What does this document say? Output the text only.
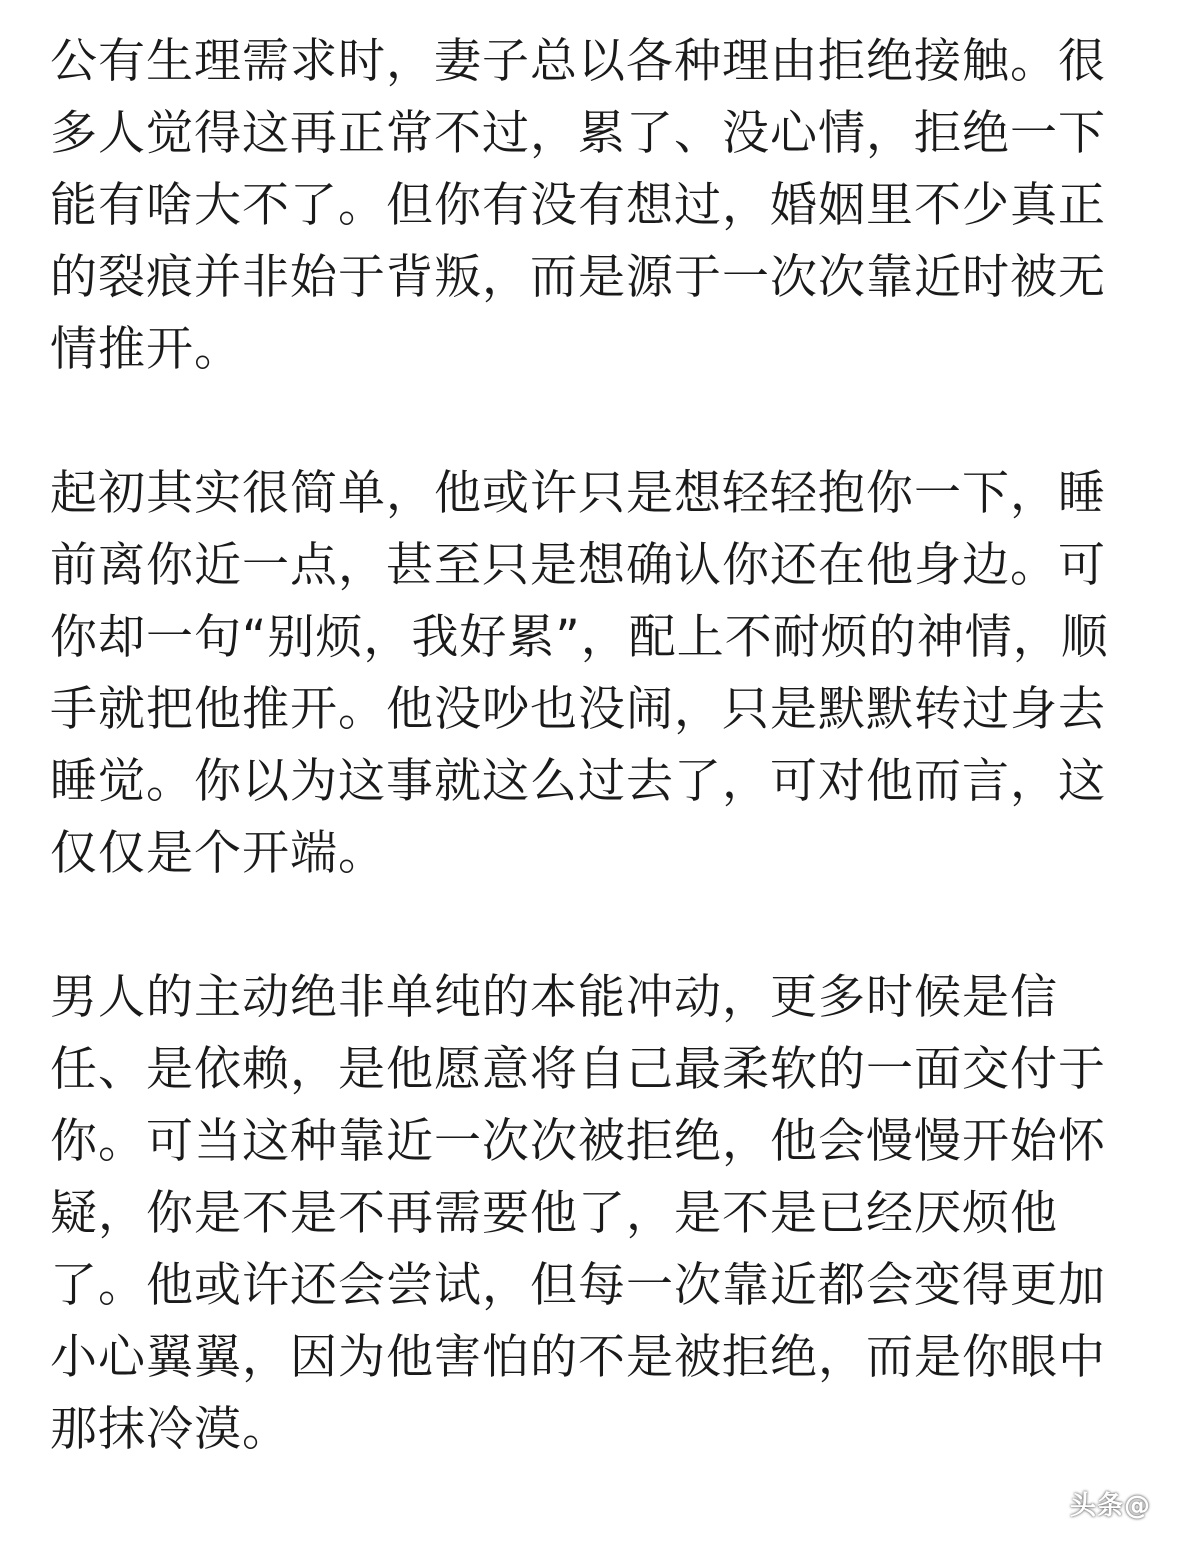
公有生理需求时，妻子总以各种理由拒绝接触。很
多人觉得这再正常不过，累了、没心情，拒绝一下
能有啥大不了。但你有没有想过，婚姻里不少真正
的裂痕并非始于背叛，而是源于一次次靠近时被无
情推开。
起初其实很简单，他或许只是想轻轻抱你一下，睡
前离你近一点，甚至只是想确认你还在他身边。可
你却一句“别烦，我好累”，配上不耐烦的神情，顺
手就把他推开。他没吵也没闹，只是默默转过身去
睡觉。你以为这事就这么过去了，可对他而言，这
仅仅是个开端。
男人的主动绝非单纯的本能冲动，更多时候是信
任、是依赖，是他愿意将自己最柔软的一面交付于
你。可当这种靠近一次次被拒绝，他会慢慢开始怀
疑，你是不是不再需要他了，是不是已经厌烦他
了。他或许还会尝试，但每一次靠近都会变得更加
小心翼翼，因为他害怕的不是被拒绝，而是你眼中
那抹冷漠。
头条@
